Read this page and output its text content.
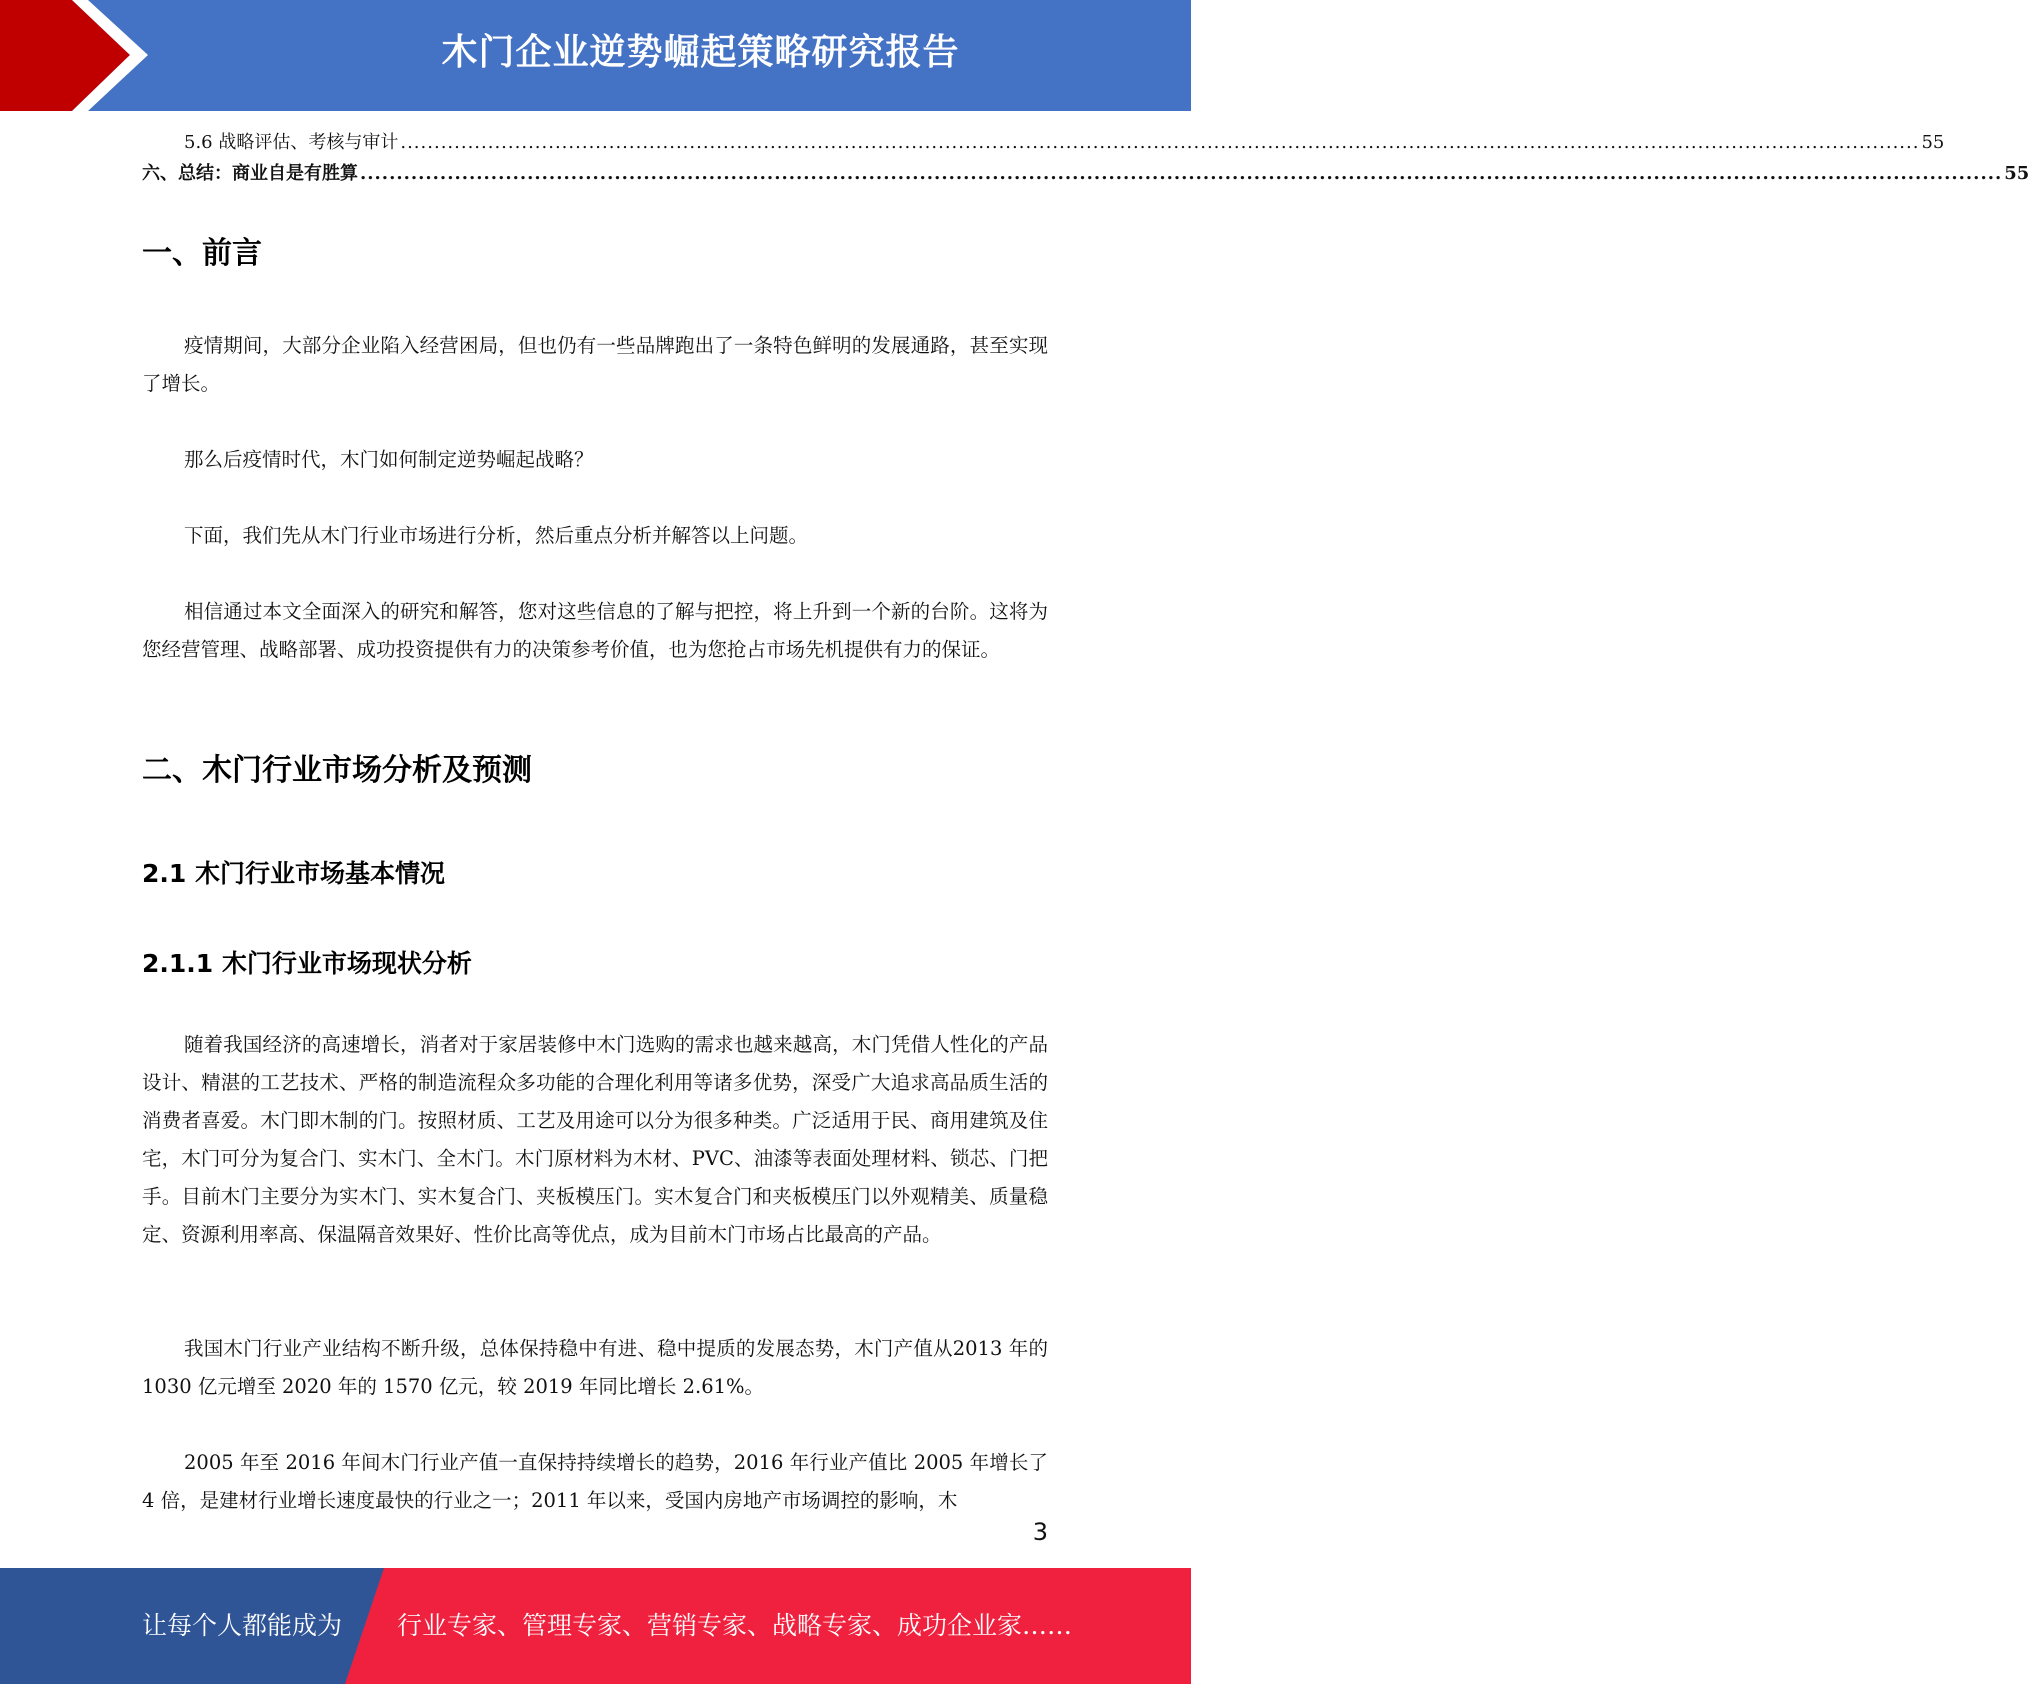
木门企业逆势崛起策略研究报告
5.6 战略评估、考核与审计 .................................................................................................................................................................................................................................. 55
六、总结：商业自是有胜算 .................................................................................................................................................................................................................................. 55
一、前言

疫情期间，大部分企业陷入经营困局，但也仍有一些品牌跑出了一条特色鲜明的发展通路，甚至实现了增长。

那么后疫情时代，木门如何制定逆势崛起战略？

下面，我们先从木门行业市场进行分析，然后重点分析并解答以上问题。

相信通过本文全面深入的研究和解答，您对这些信息的了解与把控，将上升到一个新的台阶。这将为您经营管理、战略部署、成功投资提供有力的决策参考价值，也为您抢占市场先机提供有力的保证。

二、木门行业市场分析及预测
2.1 木门行业市场基本情况
2.1.1 木门行业市场现状分析

随着我国经济的高速增长，消者对于家居装修中木门选购的需求也越来越高，木门凭借人性化的产品设计、精湛的工艺技术、严格的制造流程众多功能的合理化利用等诸多优势，深受广大追求高品质生活的消费者喜爱。木门即木制的门。按照材质、工艺及用途可以分为很多种类。广泛适用于民、商用建筑及住宅，木门可分为复合门、实木门、全木门。木门原材料为木材、PVC、油漆等表面处理材料、锁芯、门把手。目前木门主要分为实木门、实木复合门、夹板模压门。实木复合门和夹板模压门以外观精美、质量稳定、资源利用率高、保温隔音效果好、性价比高等优点，成为目前木门市场占比最高的产品。

我国木门行业产业结构不断升级，总体保持稳中有进、稳中提质的发展态势，木门产值从2013 年的 1030 亿元增至 2020 年的 1570 亿元，较 2019 年同比增长 2.61%。

2005 年至 2016 年间木门行业产值一直保持持续增长的趋势，2016 年行业产值比 2005 年增长了 4 倍，是建材行业增长速度最快的行业之一；2011 年以来，受国内房地产市场调控的影响，木

3
让每个人都能成为 行业专家、管理专家、营销专家、战略专家、成功企业家……
